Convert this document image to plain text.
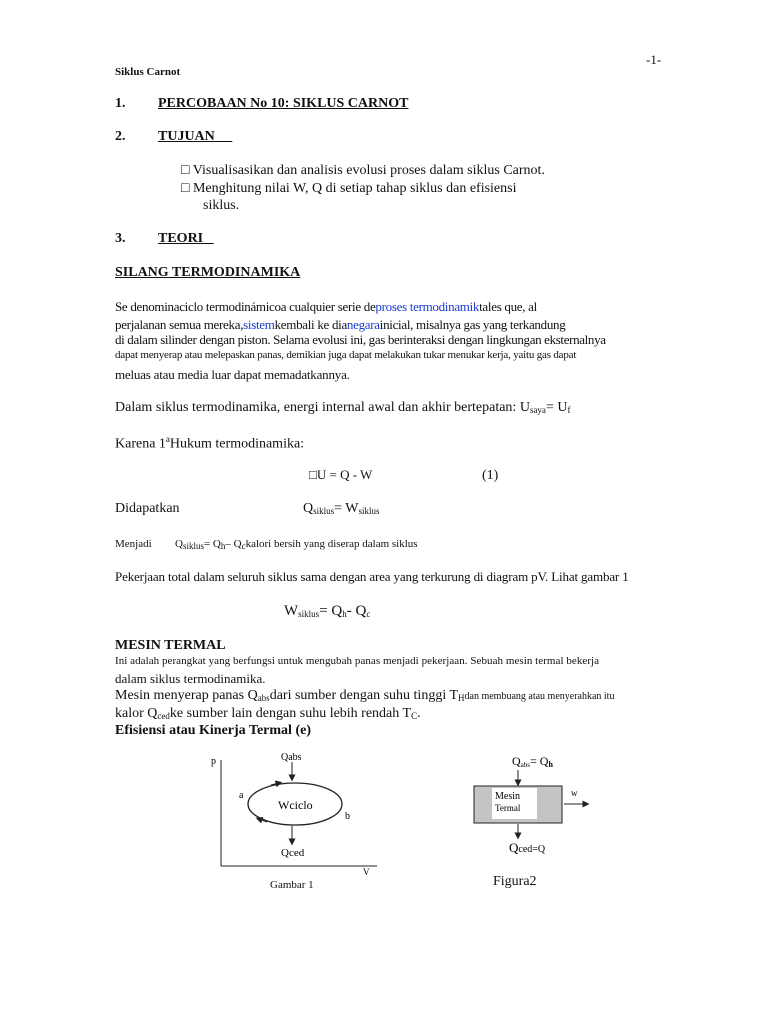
-1-
Siklus Carnot
1. PERCOBAAN No 10: SIKLUS CARNOT
2. TUJUAN
□ Visualisasikan dan analisis evolusi proses dalam siklus Carnot.
□ Menghitung nilai W, Q di setiap tahap siklus dan efisiensi
siklus.
3. TEORI
SILANG TERMODINAMIKA
Se denominaciclo termodinámicoa cualquier serie deproses termodinamiktales que, al
perjalanan semua mereka,sistemkembali ke dianegarainicial, misalnya gas yang terkandung
di dalam silinder dengan piston. Selama evolusi ini, gas berinteraksi dengan lingkungan eksternalnya
dapat menyerap atau melepaskan panas, demikian juga dapat melakukan tukar menukar kerja, yaitu gas dapat
meluas atau media luar dapat memadatkannya.
Dalam siklus termodinamika, energi internal awal dan akhir bertepatan: $U_{saya}= U_f$
Karena 1$^a$Hukum termodinamika:
□U = Q - W	(1)
Didapatkan	$Q_{siklus}= W_{siklus}$
Menjadi $Q_{siklus}= Q_h-$ $Q_ckalori$ bersih yang diserap dalam siklus
Pekerjaan total dalam seluruh siklus sama dengan area yang terkurung di diagram pV. Lihat gambar 1
$W_{siklus}= Q_h-$ $Q_c$
MESIN TERMAL
Ini adalah perangkat yang berfungsi untuk mengubah panas menjadi pekerjaan. Sebuah mesin termal bekerja
dalam siklus termodinamika.
Mesin menyerap panas $Q_{abs}dari$ sumber dengan suhu tinggi $T_Hdan$ membuang atau menyerahkan itu
kalor $Q_{ced}ke$ sumber lain dengan suhu lebih rendah $T_C$.
Efisiensi atau Kinerja Termal (e)
p
V
Qabs
Wciclo
Qced
a
b
Gambar 1
Qabs= Qh
Mesin
Termal
w
Qced=Q
Figura2
